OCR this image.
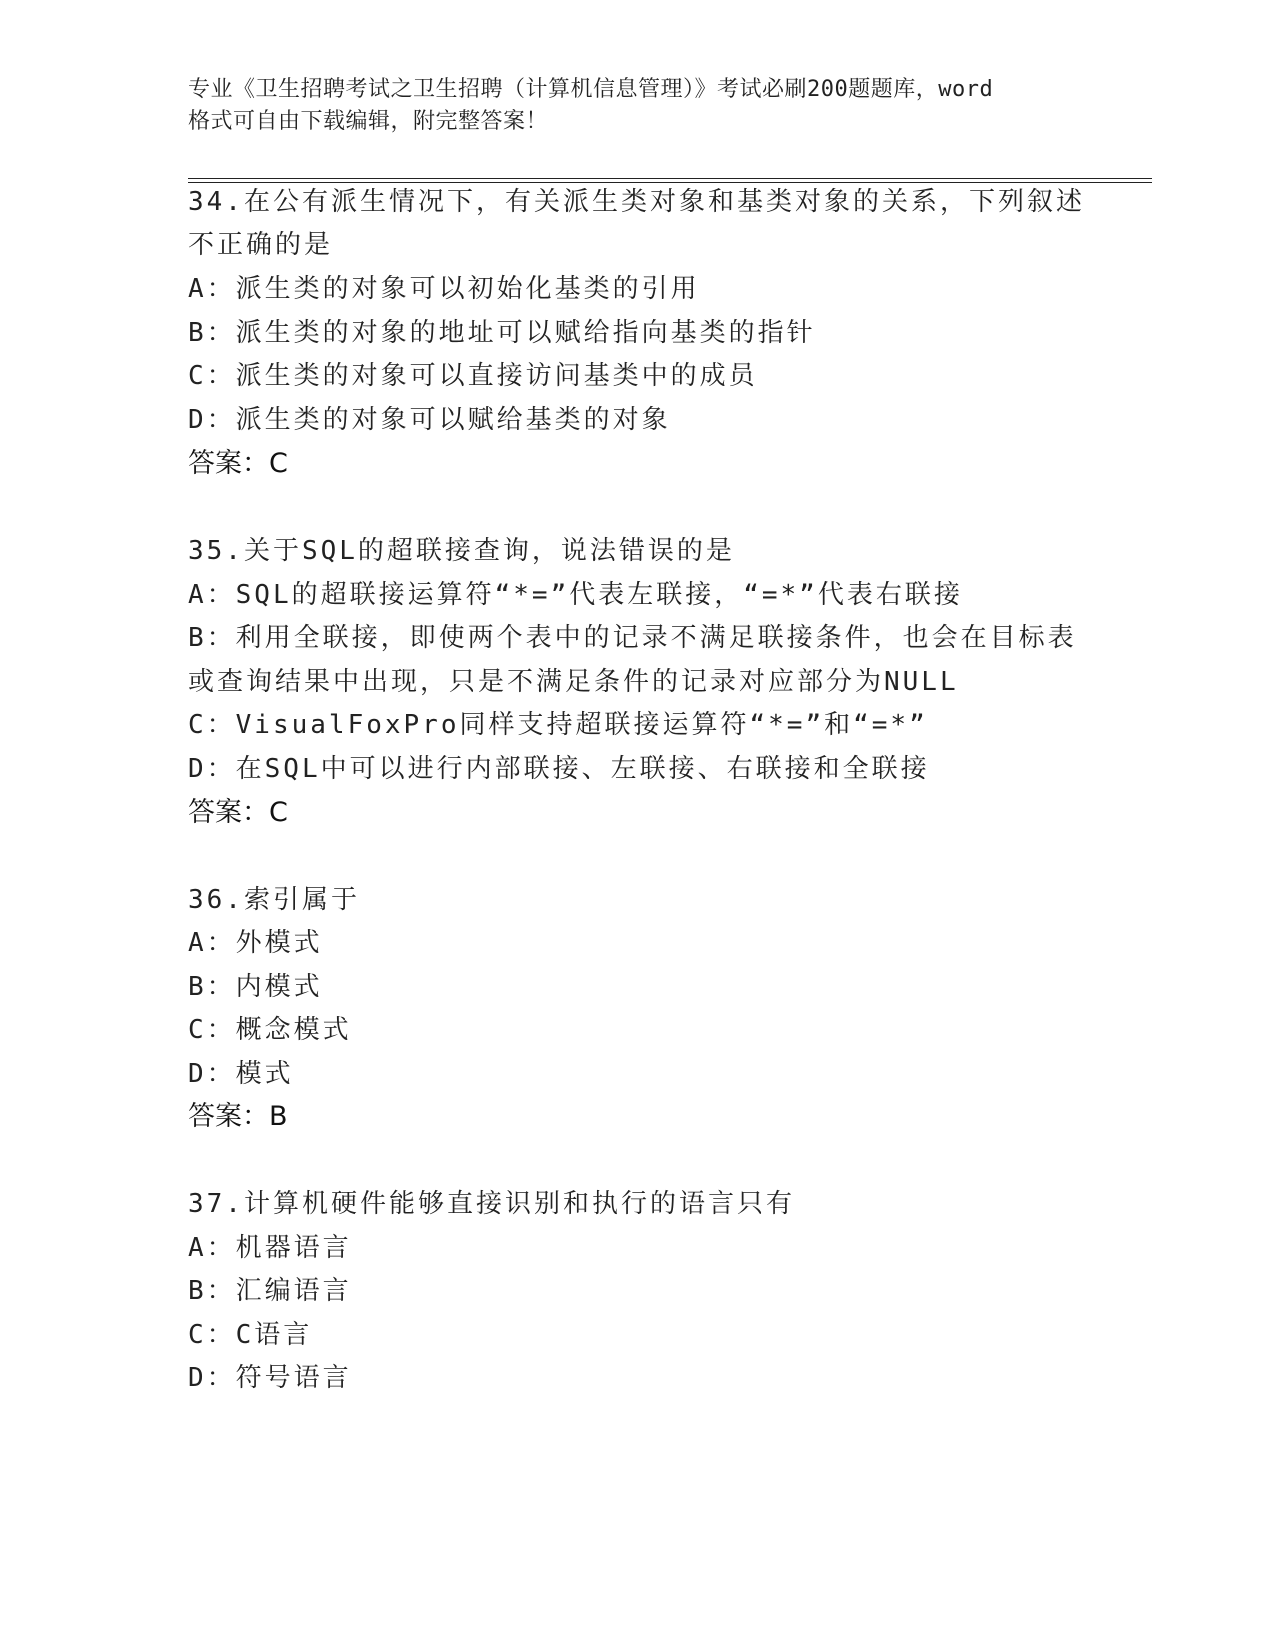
专业《卫生招聘考试之卫生招聘（计算机信息管理）》考试必刷200题题库，word
格式可自由下载编辑，附完整答案！
34.在公有派生情况下，有关派生类对象和基类对象的关系，下列叙述
不正确的是
A：派生类的对象可以初始化基类的引用
B：派生类的对象的地址可以赋给指向基类的指针
C：派生类的对象可以直接访问基类中的成员
D：派生类的对象可以赋给基类的对象
答案：C
35.关于SQL的超联接查询，说法错误的是
A：SQL的超联接运算符“*=”代表左联接，“=*”代表右联接
B：利用全联接，即使两个表中的记录不满足联接条件，也会在目标表
或查询结果中出现，只是不满足条件的记录对应部分为NULL
C：VisualFoxPro同样支持超联接运算符“*=”和“=*”
D：在SQL中可以进行内部联接、左联接、右联接和全联接
答案：C
36.索引属于
A：外模式
B：内模式
C：概念模式
D：模式
答案：B
37.计算机硬件能够直接识别和执行的语言只有
A：机器语言
B：汇编语言
C：C语言
D：符号语言
